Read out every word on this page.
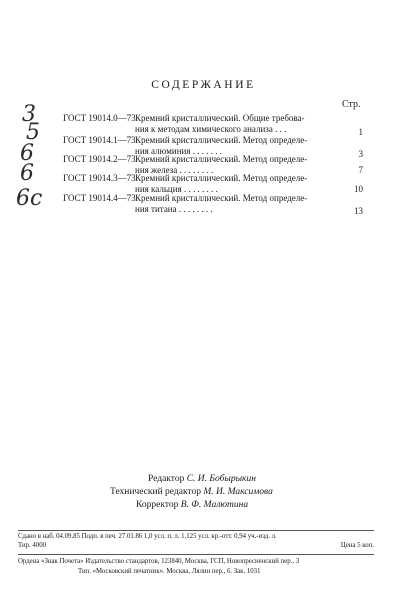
СОДЕРЖАНИЕ
Стр.
3
5
ГОСТ 19014.0—73 Кремний кристаллический. Общие требова-
ния к методам химического анализа . . .	1
6
ГОСТ 19014.1—73 Кремний кристаллический. Метод определе-
ния алюминия . . . . . . .	3
6
ГОСТ 19014.2—73 Кремний кристаллический. Метод определе-
ния железа . . . . . . . .	7
6с
ГОСТ 19014.3—73 Кремний кристаллический. Метод определе-
ния кальция . . . . . . . .	10
ГОСТ 19014.4—73 Кремний кристаллический. Метод определе-
ния титана . . . . . . . .	13
Редактор С. И. Бобырыкин
Технический редактор М. И. Максимова
Корректор В. Ф. Малютина
Сдано в наб. 04.09.85 Подп. в печ. 27.01.86 1,0 усл. п. л. 1,125 усл. кр.-отт. 0,94 уч.-изд. л.
Тир. 4000	Цена 5 коп.
Ордена «Знак Почета» Издательство стандартов, 123840, Москва, ГСП, Новопресненский пер., 3
Тип. «Московский печатник». Москва, Лялин пер., 6. Зак. 1031
